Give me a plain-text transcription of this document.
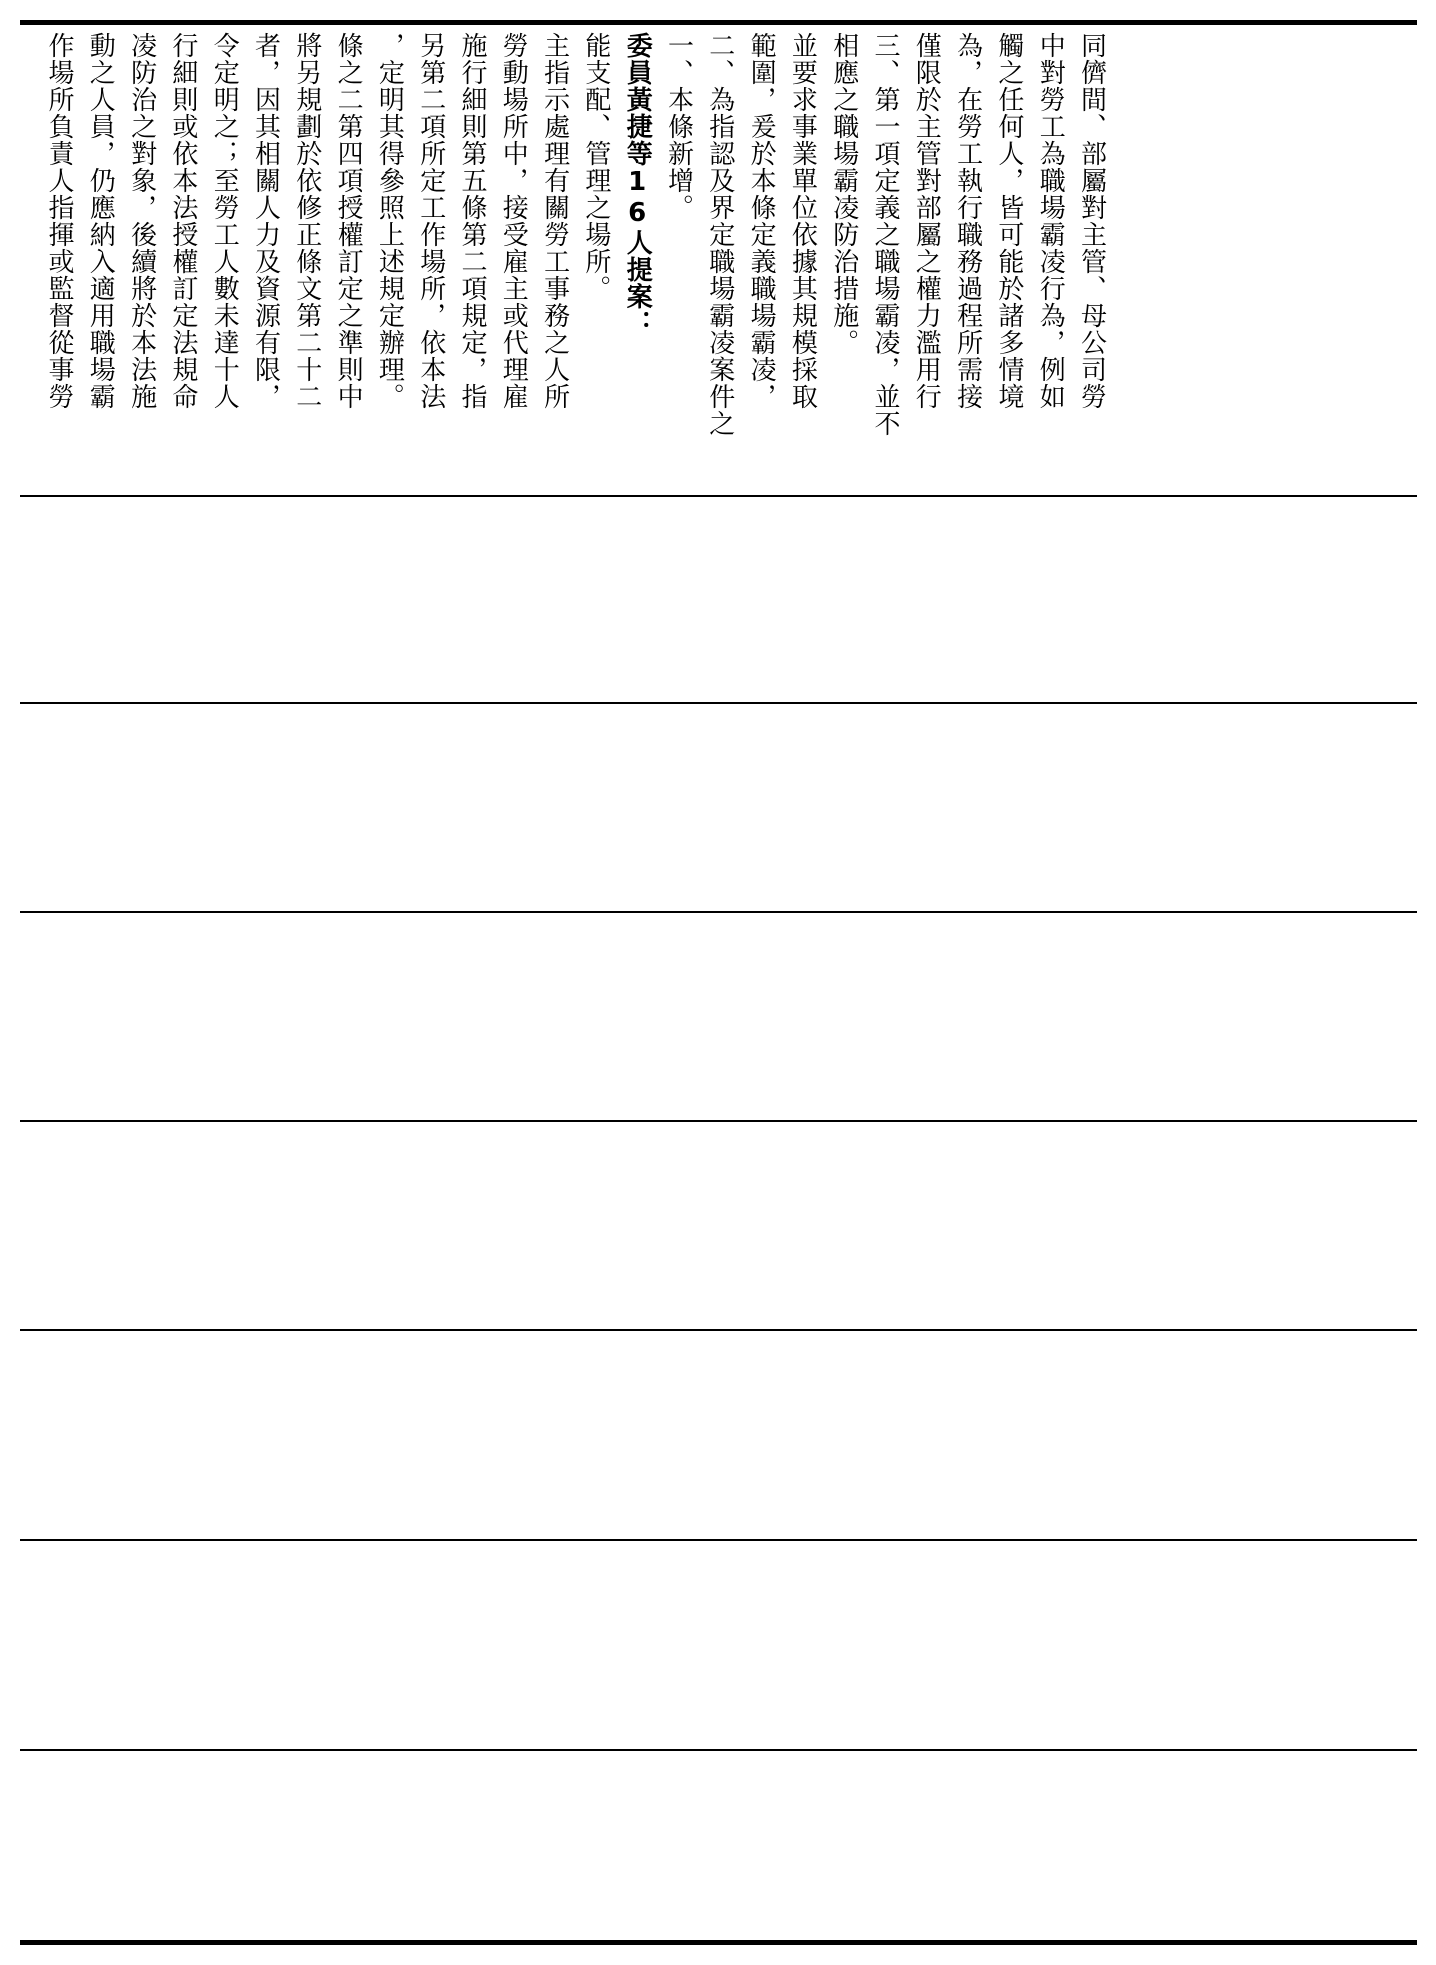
作場所負責人指揮或監督從事勞 動之人員，仍應納入適用職場霸 凌防治之對象，後續將於本法施 行細則或依本法授權訂定法規命 令定明之；至勞工人數未達十人 者，因其相關人力及資源有限， 將另規劃於依修正條文第二十二 條之二第四項授權訂定之準則中 ，定明其得參照上述規定辦理。 另第二項所定工作場所，依本法 施行細則第五條第二項規定，指 勞動場所中，接受雇主或代理雇 主指示處理有關勞工事務之人所 能支配、管理之場所。 委員黃捷等16人提案： 一、本條新增。 二、為指認及界定職場霸凌案件之 範圍，爰於本條定義職場霸凌， 並要求事業單位依據其規模採取 相應之職場霸凌防治措施。 三、第一項定義之職場霸凌，並不 僅限於主管對部屬之權力濫用行 為，在勞工執行職務過程所需接 觸之任何人，皆可能於諸多情境 中對勞工為職場霸凌行為，例如 同儕間、部屬對主管、母公司勞
